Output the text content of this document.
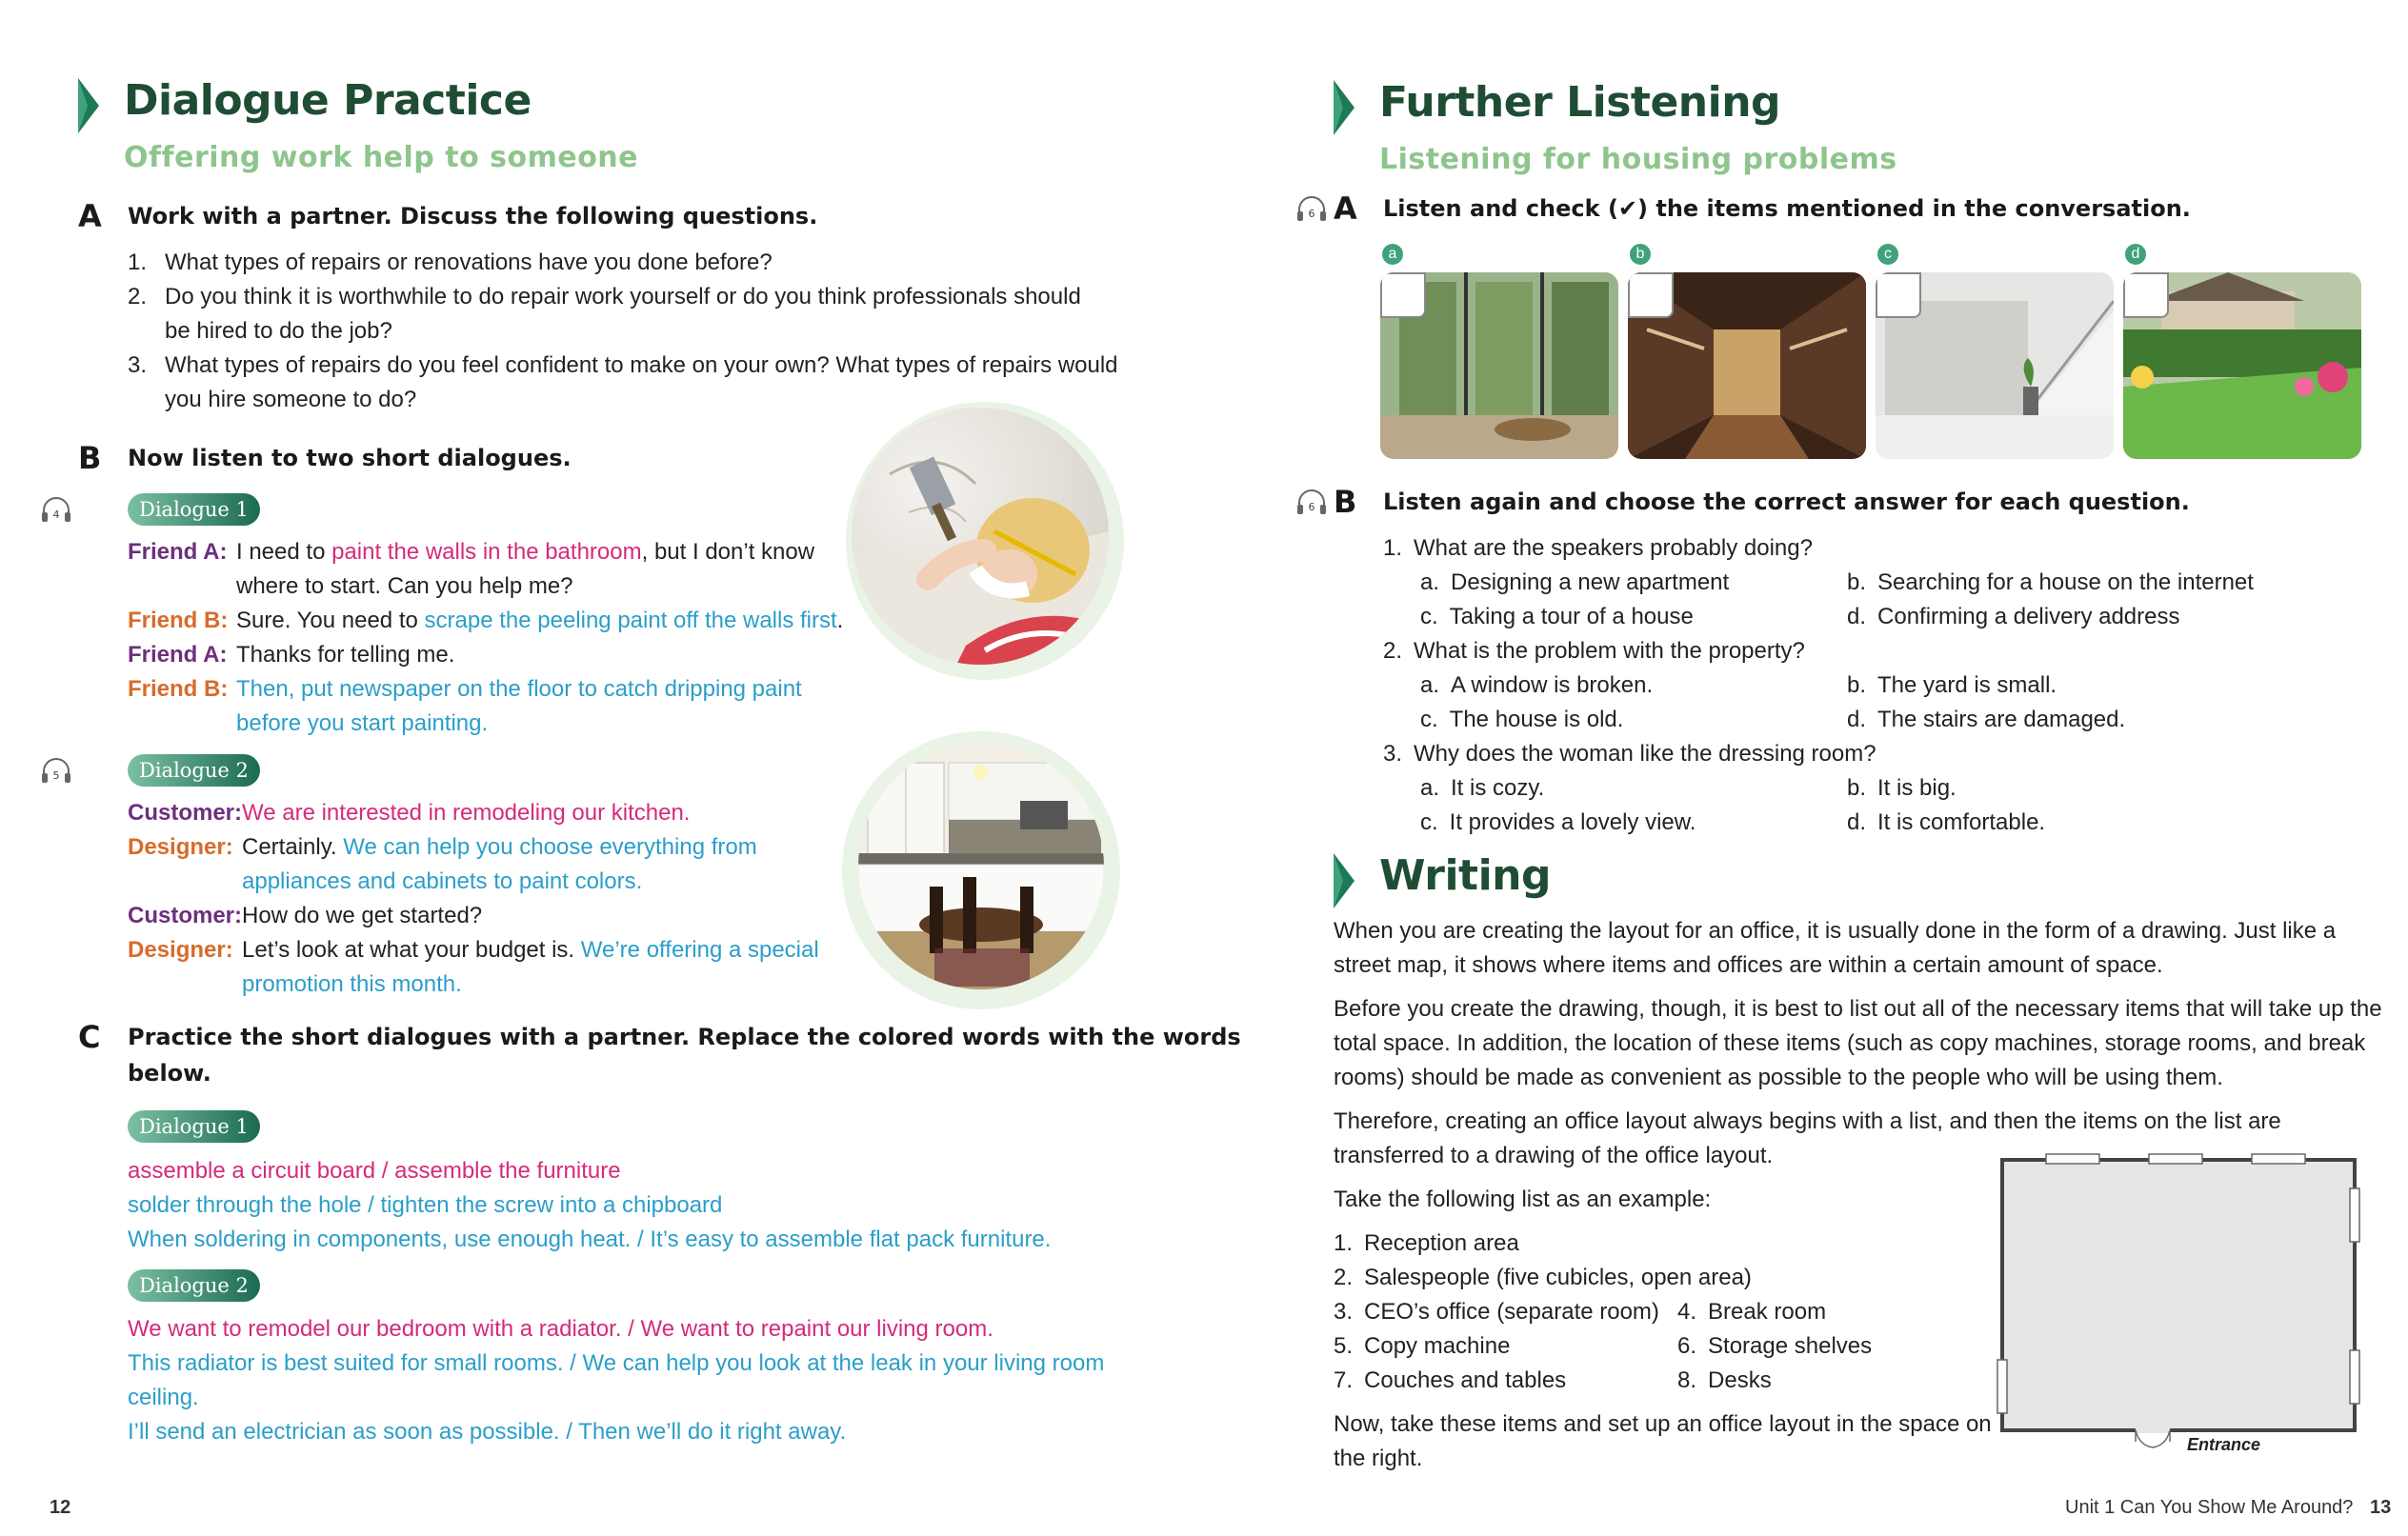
Dialogue Practice
Offering work help to someone
A Work with a partner. Discuss the following questions.
1. What types of repairs or renovations have you done before?
2. Do you think it is worthwhile to do repair work yourself or do you think professionals should
be hired to do the job?
3. What types of repairs do you feel confident to make on your own? What types of repairs would
you hire someone to do?
B Now listen to two short dialogues.
4	Dialogue 1
Friend A: I need to paint the walls in the bathroom, but I don’t know
where to start. Can you help me?
Friend B: Sure. You need to scrape the peeling paint off the walls first.
Friend A: Thanks for telling me.
Friend B: Then, put newspaper on the floor to catch dripping paint
before you start painting.
5	Dialogue 2
Customer: We are interested in remodeling our kitchen.
Designer: Certainly. We can help you choose everything from
appliances and cabinets to paint colors.
Customer: How do we get started?
Designer: Let’s look at what your budget is. We’re offering a special
promotion this month.
C Practice the short dialogues with a partner. Replace the colored words with the words
below.
Dialogue 1
assemble a circuit board / assemble the furniture
solder through the hole / tighten the screw into a chipboard
When soldering in components, use enough heat. / It’s easy to assemble flat pack furniture.
Dialogue 2
We want to remodel our bedroom with a radiator. / We want to repaint our living room.
This radiator is best suited for small rooms. / We can help you look at the leak in your living room
ceiling.
I’ll send an electrician as soon as possible. / Then we’ll do it right away.
12
Further Listening
Listening for housing problems
6 A Listen and check (✔) the items mentioned in the conversation.
a	b	c	d
6 B Listen again and choose the correct answer for each question.
1. What are the speakers probably doing?
a. Designing a new apartment	b. Searching for a house on the internet
c. Taking a tour of a house	d. Confirming a delivery address
2. What is the problem with the property?
a. A window is broken.	b. The yard is small.
c. The house is old.	d. The stairs are damaged.
3. Why does the woman like the dressing room?
a. It is cozy.	b. It is big.
c. It provides a lovely view.	d. It is comfortable.
Writing
When you are creating the layout for an office, it is usually done in the form of a drawing. Just like a
street map, it shows where items and offices are within a certain amount of space.
Before you create the drawing, though, it is best to list out all of the necessary items that will take up the
total space. In addition, the location of these items (such as copy machines, storage rooms, and break
rooms) should be made as convenient as possible to the people who will be using them.
Therefore, creating an office layout always begins with a list, and then the items on the list are
transferred to a drawing of the office layout.
Take the following list as an example:
1. Reception area
2. Salespeople (five cubicles, open area)
3. CEO’s office (separate room) 4. Break room
5. Copy machine	6. Storage shelves
7. Couches and tables	8. Desks
Now, take these items and set up an office layout in the space on
the right.
Entrance
Unit 1 Can You Show Me Around? 13
